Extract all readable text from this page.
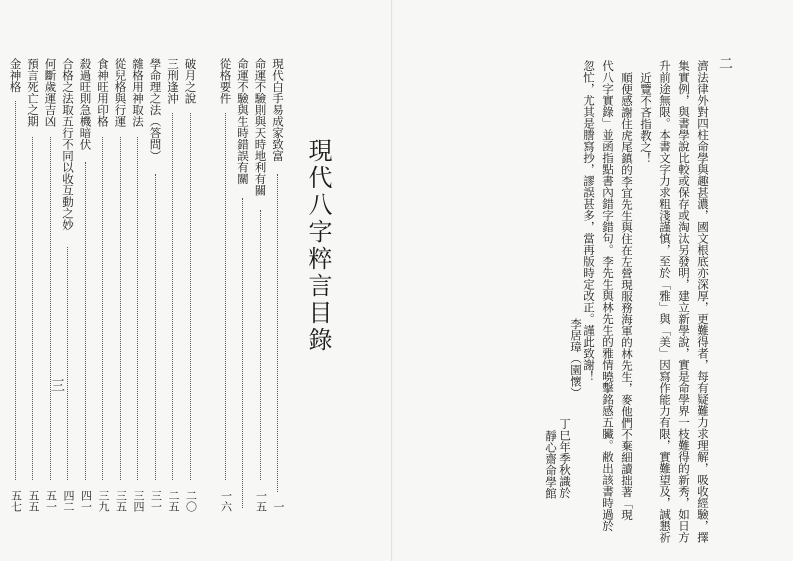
現代八字粹言目錄
現代白手易成家致富
一
命運不驗則與天時地利有關
一五
命運不驗與生時錯誤有關
從格要件
一六
破月之說
二〇
三刑逢沖
二五
學命理之法（答問）
三一
雜格用神取法
三四
從兒格與行運
三五
食神旺用印格
三九
殺過旺則急機暗伏
四一
合格之法取五行不同以收互動之妙
四二
何斷歲運吉凶
五一
預言死亡之期
五五
金神格
五七
三
二
濟法律外對四柱命學與趣甚濃，國文根底亦深厚，更難得者，每有疑難力求理解，吸收經驗，擇
集實例，與書學說比較或保存或淘汰另發明，建立新學說，實是命學界一枝難得的新秀，如日方
升前途無限。本書文字力求粗淺謹慎，至於「雅」與「美」因寫作能力有限，實難望及，誠懇祈
近覽不吝指教之！
順便感謝住虎尾鎮的李宜先生與住在左營現服務海軍的林先生，麥他們不棄細讀拙著「現
代八字實錄」並函指點書內錯字錯句。李先生與林先生的雅情曉擊銘感五臟。敝出該書時過於
忽忙，尤其是謄寫抄，謬誤甚多，當再版時定改正。謹此致謝！
李居璋（園懷）
丁巳年季秋識於
靜心齋命學館
